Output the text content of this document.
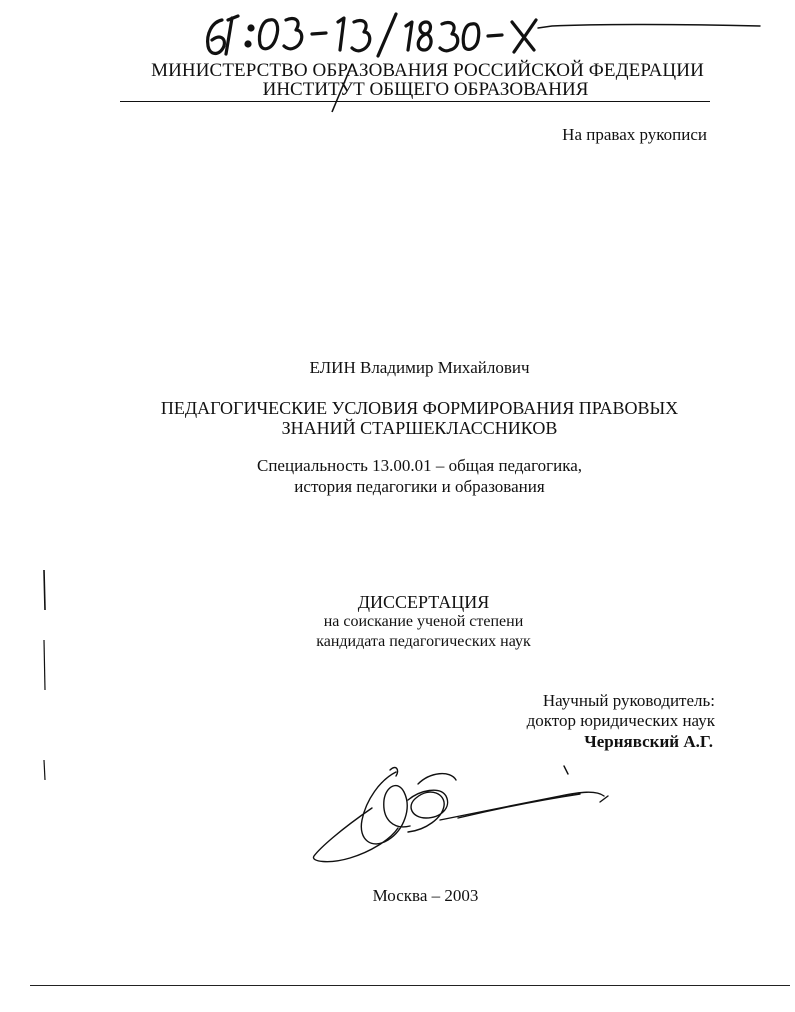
МИНИСТЕРСТВО ОБРАЗОВАНИЯ РОССИЙСКОЙ ФЕДЕРАЦИИ
ИНСТИТУТ ОБЩЕГО ОБРАЗОВАНИЯ
На правах рукописи
ЕЛИН Владимир Михайлович
ПЕДАГОГИЧЕСКИЕ УСЛОВИЯ ФОРМИРОВАНИЯ ПРАВОВЫХ
ЗНАНИЙ СТАРШЕКЛАССНИКОВ
Специальность 13.00.01 – общая педагогика,
история педагогики и образования
ДИССЕРТАЦИЯ
на соискание ученой степени
кандидата педагогических наук
Научный руководитель:
доктор юридических наук
Чернявский А.Г.
Москва – 2003
